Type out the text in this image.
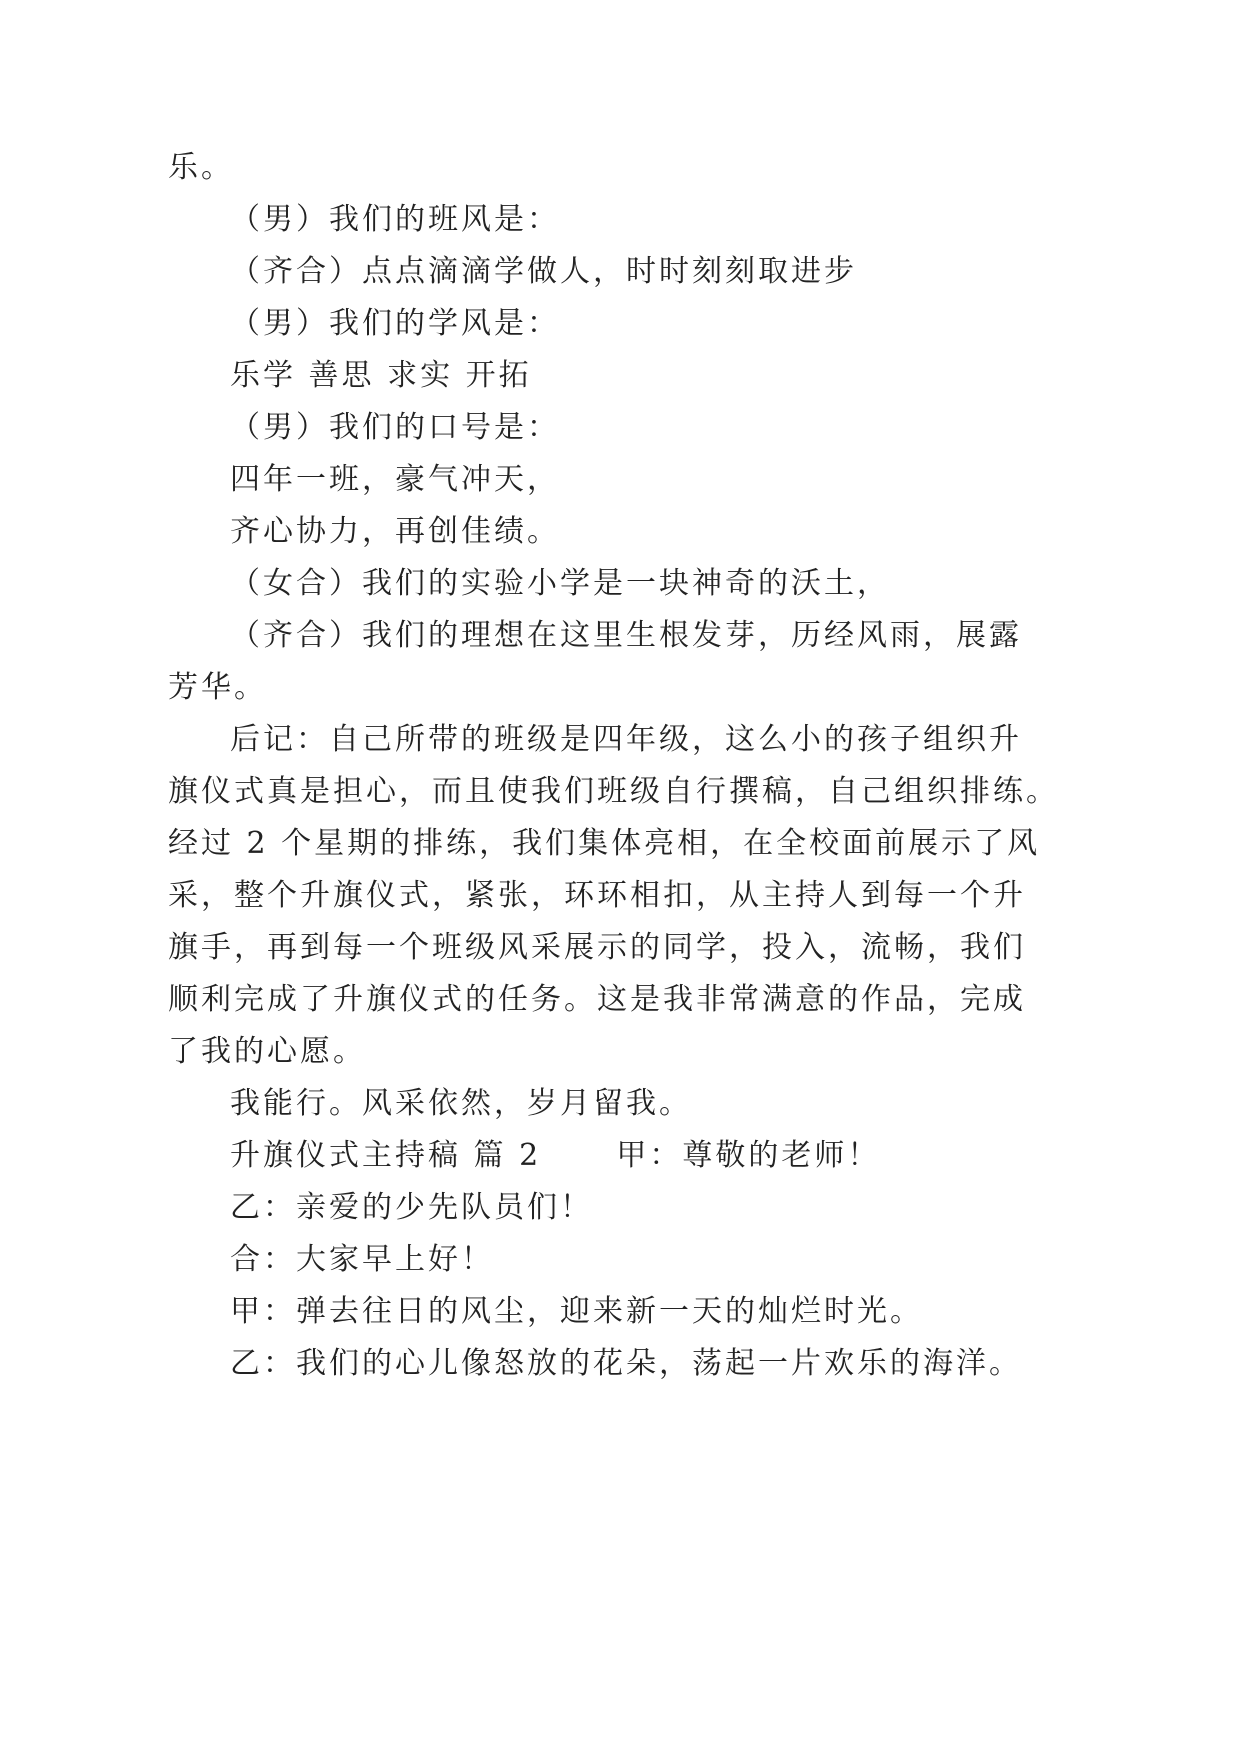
乐。

（男）我们的班风是：

（齐合）点点滴滴学做人，时时刻刻取进步

（男）我们的学风是：

乐学 善思 求实 开拓

（男）我们的口号是：

四年一班，豪气冲天，

齐心协力，再创佳绩。

（女合）我们的实验小学是一块神奇的沃土，

（齐合）我们的理想在这里生根发芽，历经风雨，展露

芳华。

后记：自己所带的班级是四年级，这么小的孩子组织升

旗仪式真是担心，而且使我们班级自行撰稿，自己组织排练。

经过 2 个星期的排练，我们集体亮相，在全校面前展示了风

采，整个升旗仪式，紧张，环环相扣，从主持人到每一个升

旗手，再到每一个班级风采展示的同学，投入，流畅，我们

顺利完成了升旗仪式的任务。这是我非常满意的作品，完成

了我的心愿。

我能行。风采依然，岁月留我。

升旗仪式主持稿 篇 2      甲：尊敬的老师！

乙：亲爱的少先队员们！

合：大家早上好！

甲：弹去往日的风尘，迎来新一天的灿烂时光。

乙：我们的心儿像怒放的花朵，荡起一片欢乐的海洋。
